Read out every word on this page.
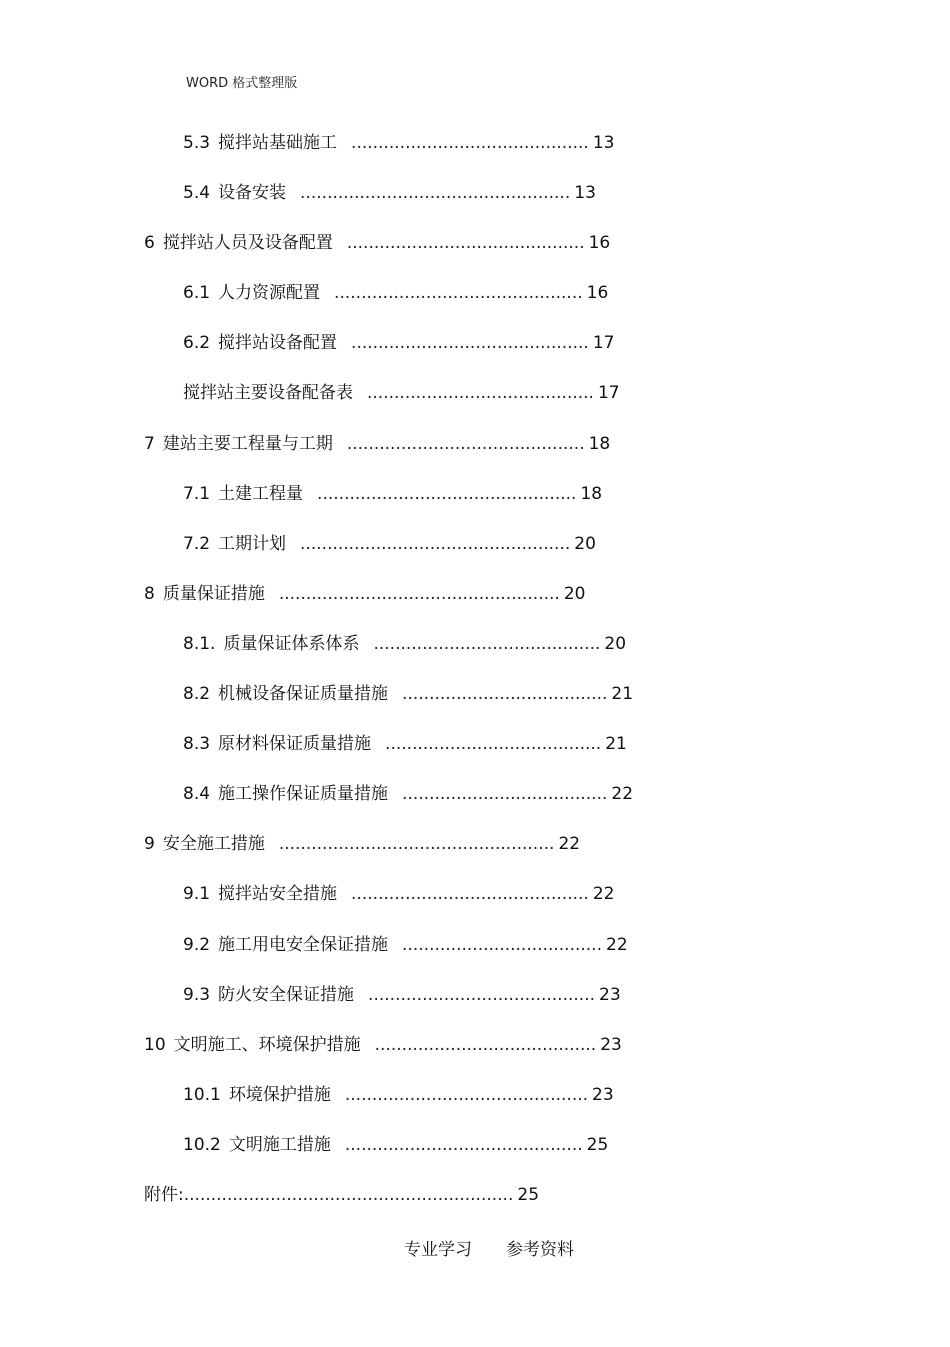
WORD 格式整理版
5.3 搅拌站基础施工 ............................................ 13
5.4 设备安装 .................................................. 13
6 搅拌站人员及设备配置 ............................................ 16
6.1 人力资源配置 .............................................. 16
6.2 搅拌站设备配置 ............................................ 17
搅拌站主要设备配备表 .......................................... 17
7 建站主要工程量与工期 ............................................ 18
7.1 土建工程量 ................................................ 18
7.2 工期计划 .................................................. 20
8 质量保证措施 .................................................... 20
8.1. 质量保证体系体系 .......................................... 20
8.2 机械设备保证质量措施 ...................................... 21
8.3 原材料保证质量措施 ........................................ 21
8.4 施工操作保证质量措施 ...................................... 22
9 安全施工措施 ................................................... 22
9.1 搅拌站安全措施 ............................................ 22
9.2 施工用电安全保证措施 ..................................... 22
9.3 防火安全保证措施 .......................................... 23
10 文明施工、环境保护措施 ......................................... 23
10.1 环境保护措施 ............................................. 23
10.2 文明施工措施 ............................................ 25
附件:............................................................. 25
专业学习 参考资料
